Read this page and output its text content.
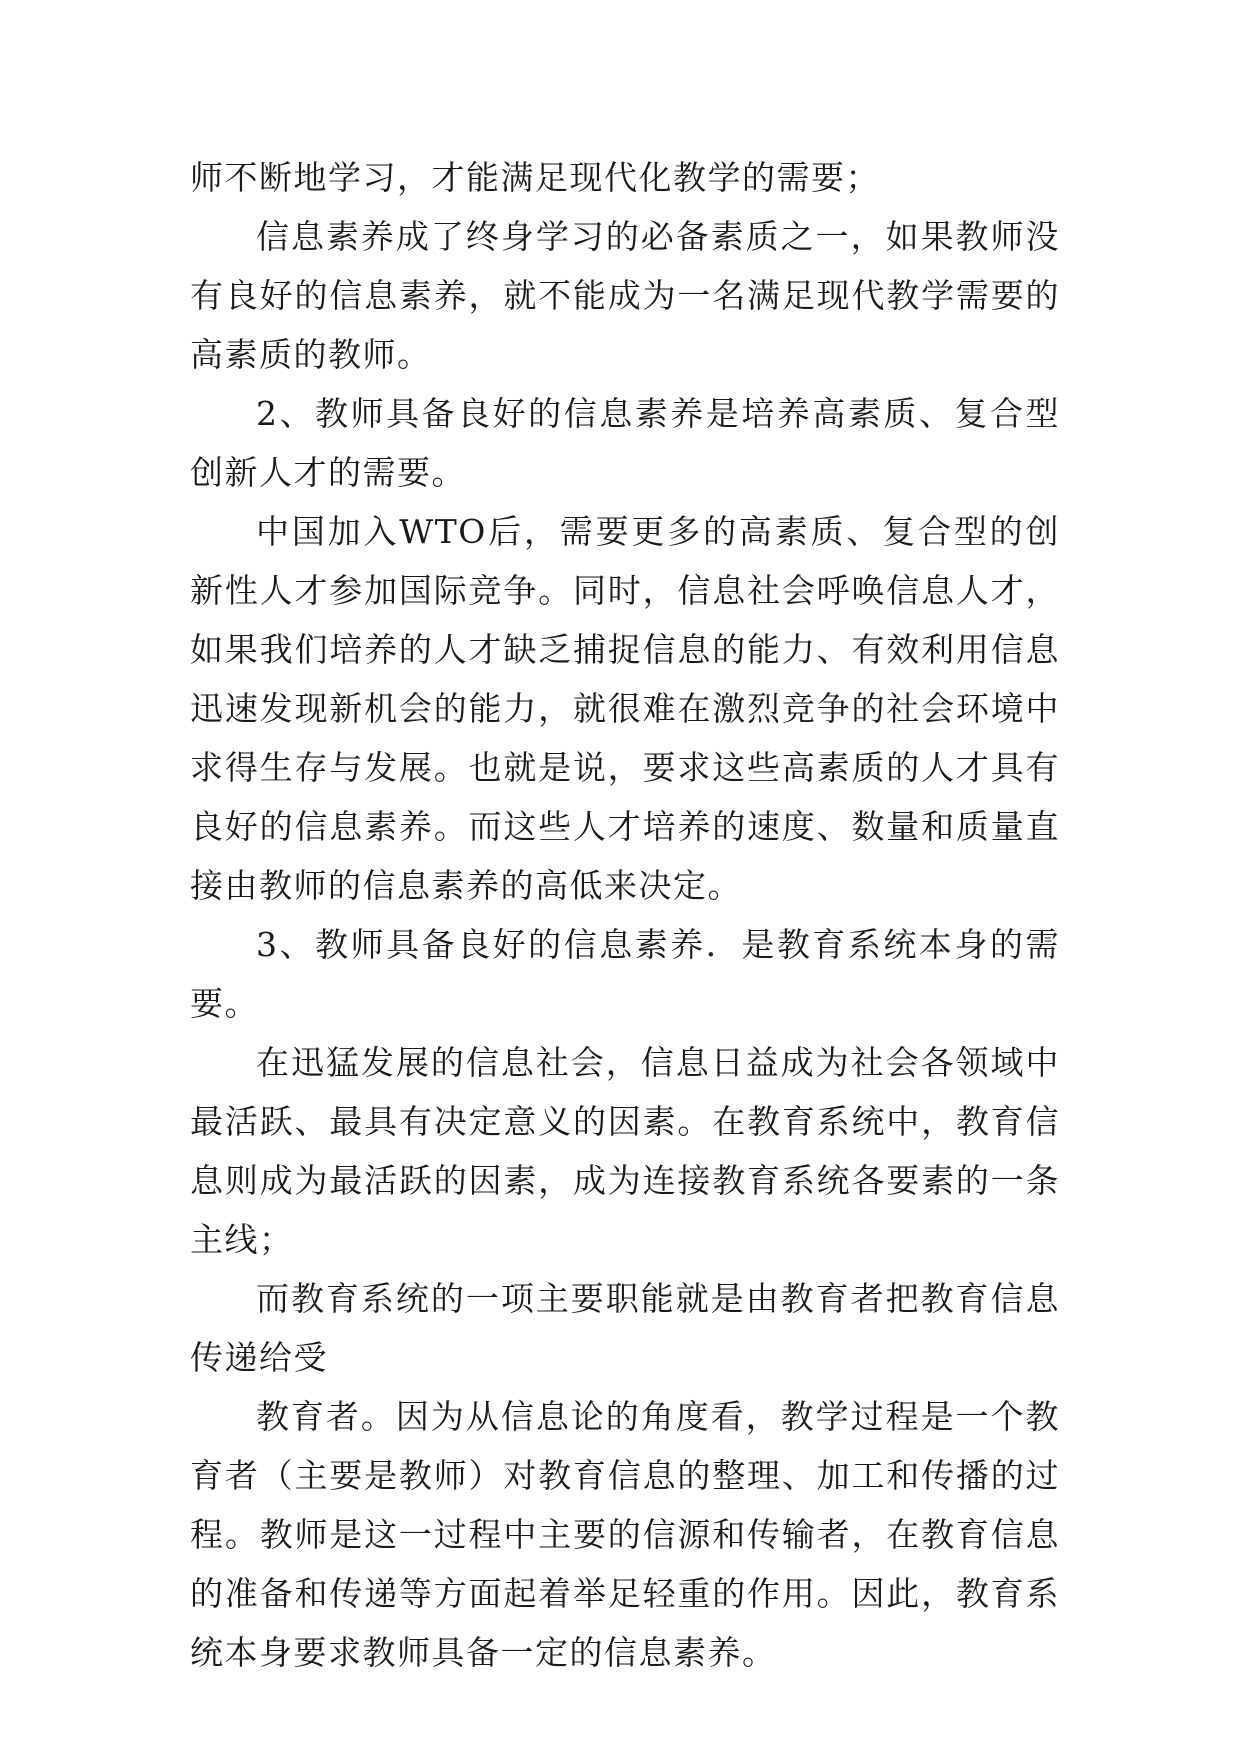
师不断地学习，才能满足现代化教学的需要；

信息素养成了终身学习的必备素质之一，如果教师没有良好的信息素养，就不能成为一名满足现代教学需要的高素质的教师。

2、教师具备良好的信息素养是培养高素质、复合型创新人才的需要。

中国加入WTO后，需要更多的高素质、复合型的创新性人才参加国际竞争。同时，信息社会呼唤信息人才，如果我们培养的人才缺乏捕捉信息的能力、有效利用信息迅速发现新机会的能力，就很难在激烈竞争的社会环境中求得生存与发展。也就是说，要求这些高素质的人才具有良好的信息素养。而这些人才培养的速度、数量和质量直接由教师的信息素养的高低来决定。

3、教师具备良好的信息素养．是教育系统本身的需要。

在迅猛发展的信息社会，信息日益成为社会各领域中最活跃、最具有决定意义的因素。在教育系统中，教育信息则成为最活跃的因素，成为连接教育系统各要素的一条主线；

而教育系统的一项主要职能就是由教育者把教育信息传递给受

教育者。因为从信息论的角度看，教学过程是一个教育者（主要是教师）对教育信息的整理、加工和传播的过程。教师是这一过程中主要的信源和传输者，在教育信息的准备和传递等方面起着举足轻重的作用。因此，教育系统本身要求教师具备一定的信息素养。
